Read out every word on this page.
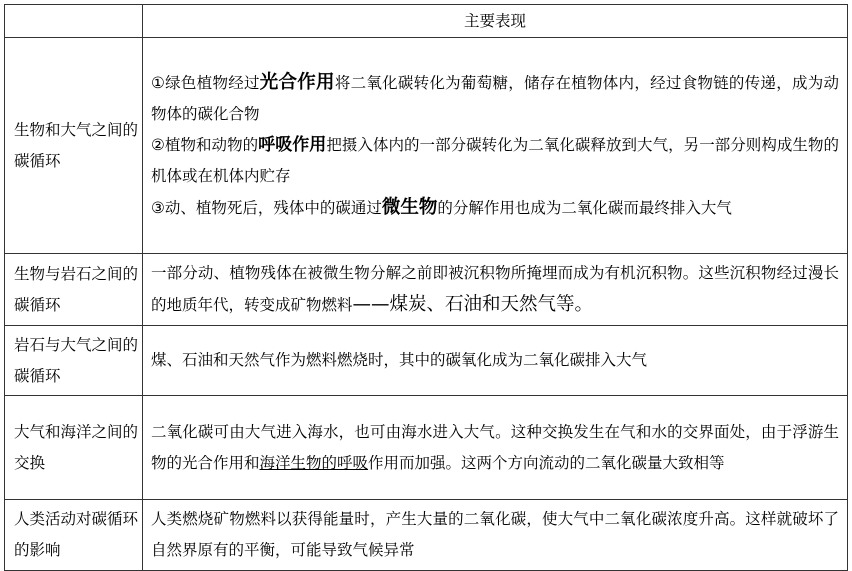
	主要表现
生物和大气之间的碳循环	①绿色植物经过光合作用将二氧化碳转化为葡萄糖，储存在植物体内，经过食物链的传递，成为动物体的碳化合物
②植物和动物的呼吸作用把摄入体内的一部分碳转化为二氧化碳释放到大气，另一部分则构成生物的机体或在机体内贮存
③动、植物死后，残体中的碳通过微生物的分解作用也成为二氧化碳而最终排入大气

生物与岩石之间的碳循环	一部分动、植物残体在被微生物分解之前即被沉积物所掩埋而成为有机沉积物。这些沉积物经过漫长的地质年代，转变成矿物燃料——煤炭、石油和天然气等。
岩石与大气之间的碳循环	煤、石油和天然气作为燃料燃烧时，其中的碳氧化成为二氧化碳排入大气
大气和海洋之间的交换	二氧化碳可由大气进入海水，也可由海水进入大气。这种交换发生在气和水的交界面处，由于浮游生物的光合作用和海洋生物的呼吸作用而加强。这两个方向流动的二氧化碳量大致相等
人类活动对碳循环的影响	人类燃烧矿物燃料以获得能量时，产生大量的二氧化碳，使大气中二氧化碳浓度升高。这样就破坏了自然界原有的平衡，可能导致气候异常
